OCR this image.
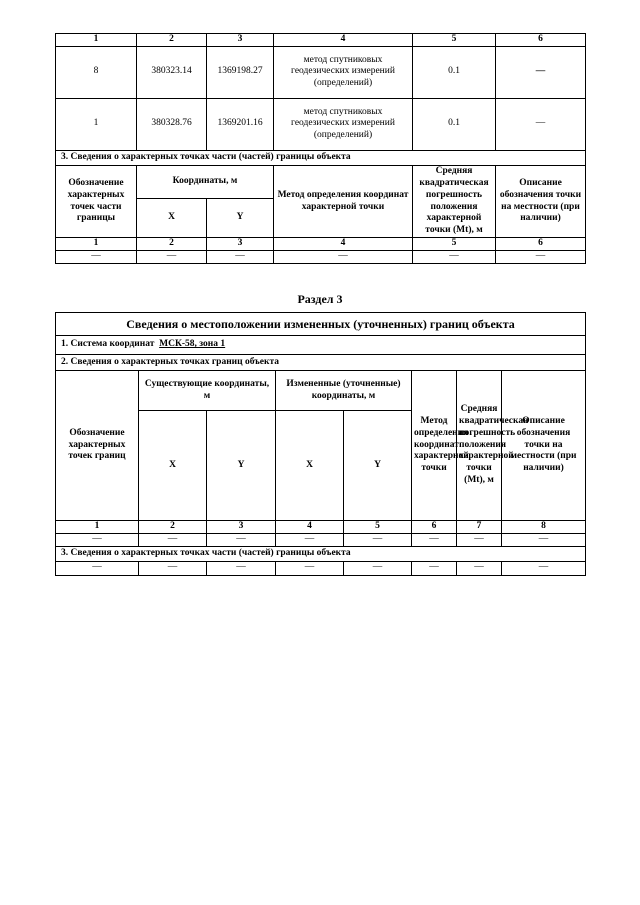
1	2	3	4	5	6
8	380323.14	1369198.27	метод спутниковых геодезических измерений (определений)	0.1	—
1	380328.76	1369201.16	метод спутниковых геодезических измерений (определений)	0.1	—
3. Сведения о характерных точках части (частей) границы объекта					
Обозначение характерных точек части границы	Координаты, м		Метод определения координат характерной точки	Средняя квадратическая погрешность положения характерной точки (Mt), м	Описание обозначения точки на местности (при наличии)
	X	Y			
1	2	3	4	5	6
—	—	—	—	—	—
Раздел 3
Сведения о местоположении измененных (уточненных) границ объекта							
1. Система координат МСК-58, зона 1							
2. Сведения о характерных точках границ объекта							
Обозначение характерных точек границ	Существующие координаты, м		Измененные (уточненные) координаты, м		Метод определения координат характерной точки	Средняя квадратическая погрешность положения характерной точки (Mt), м	Описание обозначения точки на местности (при наличии)
	X	Y	X	Y			
1	2	3	4	5	6	7	8
—	—	—	—	—	—	—	—
3. Сведения о характерных точках части (частей) границы объекта							
—	—	—	—	—	—	—	—
